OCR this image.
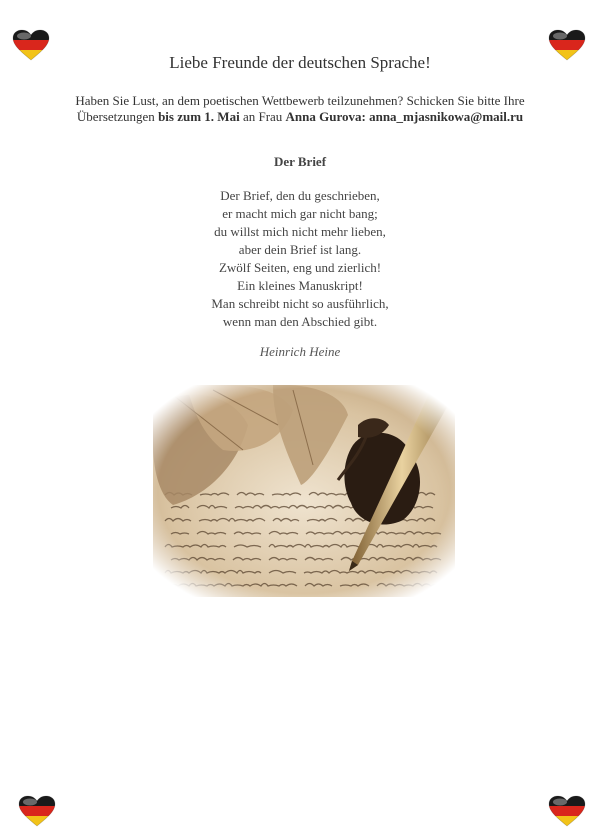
Liebe Freunde der deutschen Sprache!
Haben Sie Lust, an dem poetischen Wettbewerb teilzunehmen? Schicken Sie bitte Ihre Übersetzungen bis zum 1. Mai an Frau Anna Gurova: anna_mjasnikowa@mail.ru
Der Brief
Der Brief, den du geschrieben,
er macht mich gar nicht bang;
du willst mich nicht mehr lieben,
aber dein Brief ist lang.
Zwölf Seiten, eng und zierlich!
Ein kleines Manuskript!
Man schreibt nicht so ausführlich,
wenn man den Abschied gibt.
Heinrich Heine
